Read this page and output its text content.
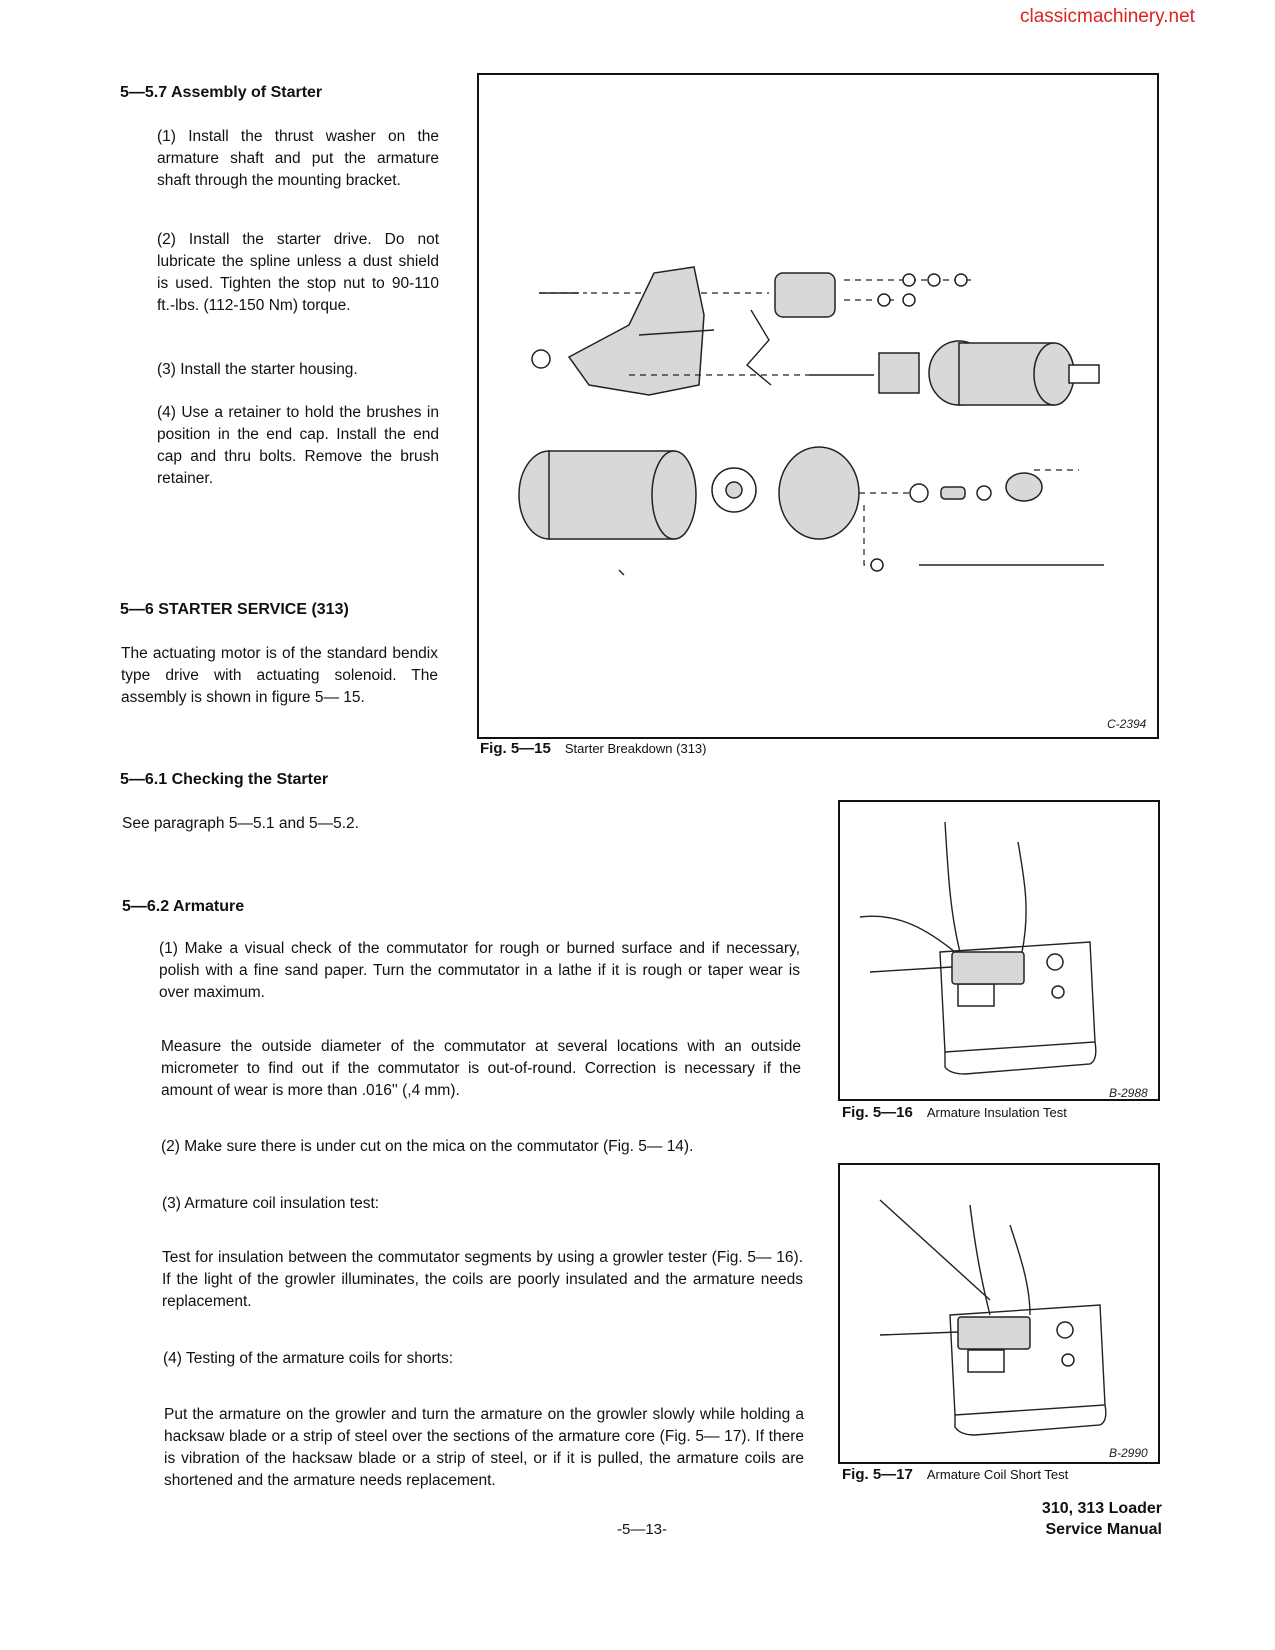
classicmachinery.net
5—5.7 Assembly of Starter
(1) Install the thrust washer on the armature shaft and put the armature shaft through the mounting bracket.
(2) Install the starter drive. Do not lubricate the spline unless a dust shield is used. Tighten the stop nut to 90-110 ft.-lbs. (112-150 Nm) torque.
(3) Install the starter housing.
(4) Use a retainer to hold the brushes in position in the end cap. Install the end cap and thru bolts. Remove the brush retainer.
5—6 STARTER SERVICE (313)
The actuating motor is of the standard bendix type drive with actuating solenoid. The assembly is shown in figure 5— 15.
5—6.1 Checking the Starter
See paragraph 5—5.1 and 5—5.2.
5—6.2 Armature
(1) Make a visual check of the commutator for rough or burned surface and if necessary, polish with a fine sand paper. Turn the commutator in a lathe if it is rough or taper wear is over maximum.
Measure the outside diameter of the commutator at several locations with an outside micrometer to find out if the commutator is out-of-round. Correction is necessary if the amount of wear is more than .016'' (,4 mm).
(2) Make sure there is under cut on the mica on the commutator (Fig. 5— 14).
(3) Armature coil insulation test:
Test for insulation between the commutator segments by using a growler tester (Fig. 5— 16). If the light of the growler illuminates, the coils are poorly insulated and the armature needs replacement.
(4) Testing of the armature coils for shorts:
Put the armature on the growler and turn the armature on the growler slowly while holding a hacksaw blade or a strip of steel over the sections of the armature core (Fig. 5— 17). If there is vibration of the hacksaw blade or a strip of steel, or if it is pulled, the armature coils are shortened and the armature needs replacement.
C-2394
Fig. 5—15 Starter Breakdown (313)
B-2988
Fig. 5—16 Armature Insulation Test
B-2990
Fig. 5—17 Armature Coil Short Test
-5—13-
310, 313 Loader
Service Manual
